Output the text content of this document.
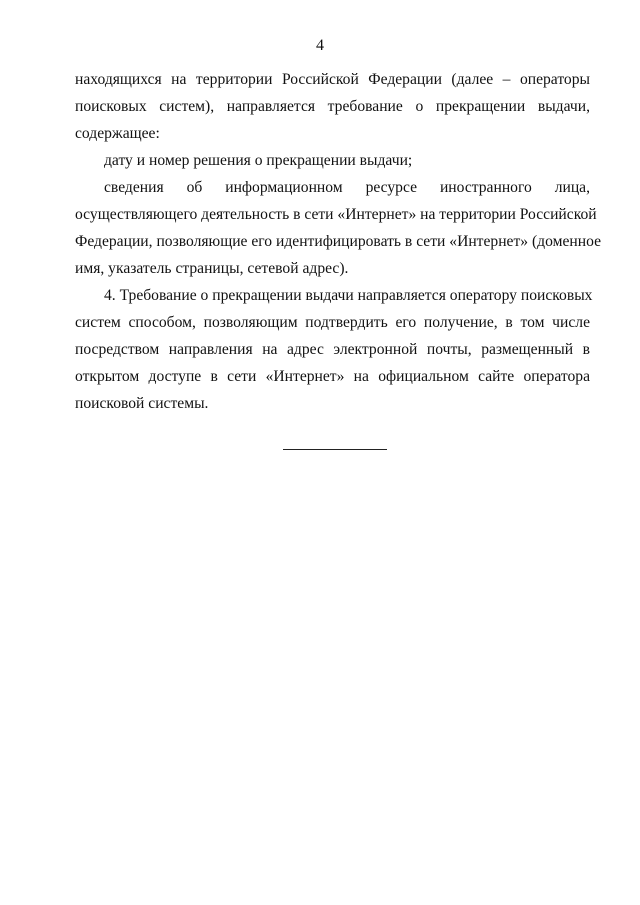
4
находящихся на территории Российской Федерации (далее – операторы
поисковых систем), направляется требование о прекращении выдачи,
содержащее:
дату и номер решения о прекращении выдачи;
сведения об информационном ресурсе иностранного лица,
осуществляющего деятельность в сети «Интернет» на территории Российской
Федерации, позволяющие его идентифицировать в сети «Интернет» (доменное
имя, указатель страницы, сетевой адрес).
4. Требование о прекращении выдачи направляется оператору поисковых
систем способом, позволяющим подтвердить его получение, в том числе
посредством направления на адрес электронной почты, размещенный в
открытом доступе в сети «Интернет» на официальном сайте оператора
поисковой системы.
